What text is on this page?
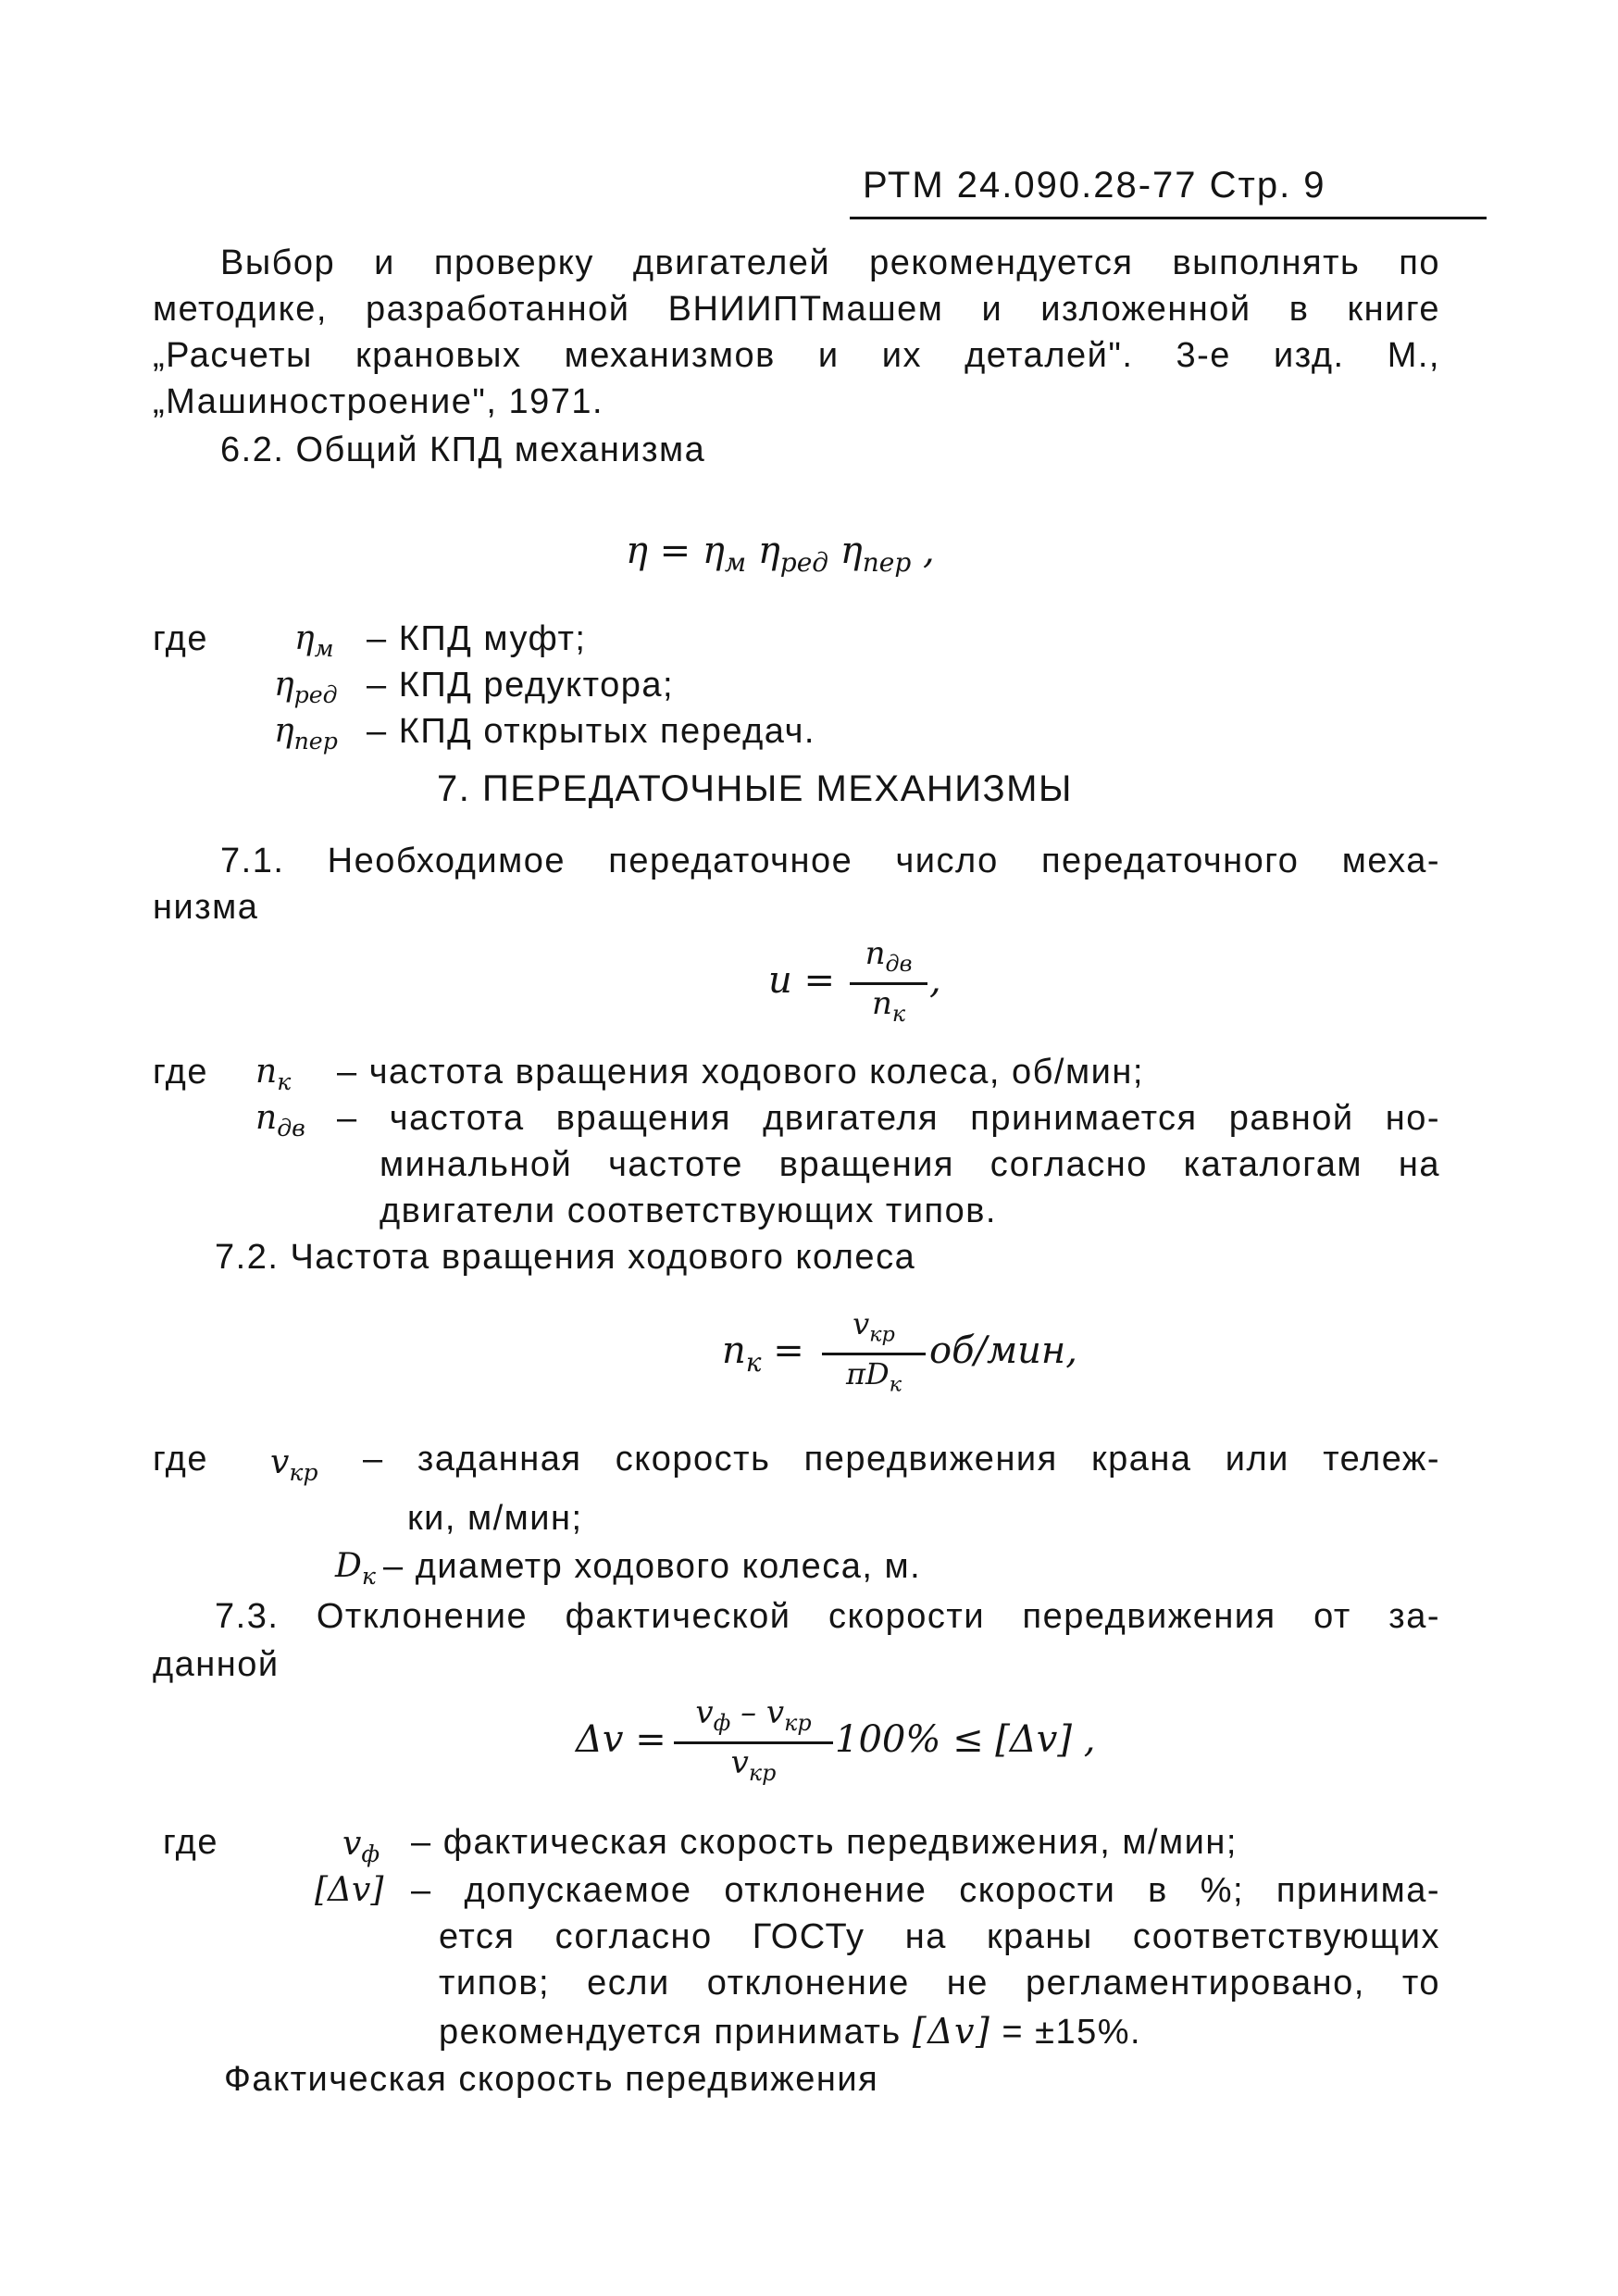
РТМ 24.090.28-77 Стр. 9
Выбор и проверку двигателей рекомендуется выполнять по
методике, разработанной ВНИИПТмашем и изложенной в книге
„Расчеты крановых механизмов и их деталей". 3-е изд. М.,
„Машиностроение", 1971.
6.2. Общий КПД механизма
$\eta = \eta_м$ $\eta_{ред}$ $\eta_{пер}$ ,
где	$\eta_м$ – КПД муфт;
$\eta_{ред}$ – КПД редуктора;
$\eta_{пер}$ – КПД открытых передач.
7. ПЕРЕДАТОЧНЫЕ МЕХАНИЗМЫ
7.1. Необходимое передаточное число передаточного меха-
низма
u =
$n_{дв}$
$n_к$
,
где $n_к$ – частота вращения ходового колеса, об/мин;
$n_{дв}$ – частота вращения двигателя принимается равной но-
минальной частоте вращения согласно каталогам на
двигатели соответствующих типов.
7.2. Частота вращения ходового колеса
$n_к$ =
$v_{кр}$
$\pi D_к$
об/мин,
где $v_{кр}$ – заданная скорость передвижения крана или тележ-
ки, м/мин;
$D_к$ – диаметр ходового колеса, м.
7.3. Отклонение фактической скорости передвижения от за-
данной
Δv =
$v_ф - v_{кр}$
$v_{кр}$
100% ≤ [Δv] ,
где	$v_ф$ – фактическая скорость передвижения, м/мин;
[Δv] – допускаемое отклонение скорости в %; принима-
ется согласно ГОСТу на краны соответствующих
типов; если отклонение не регламентировано, то
рекомендуется принимать [Δv] = ±15%.
Фактическая скорость передвижения
